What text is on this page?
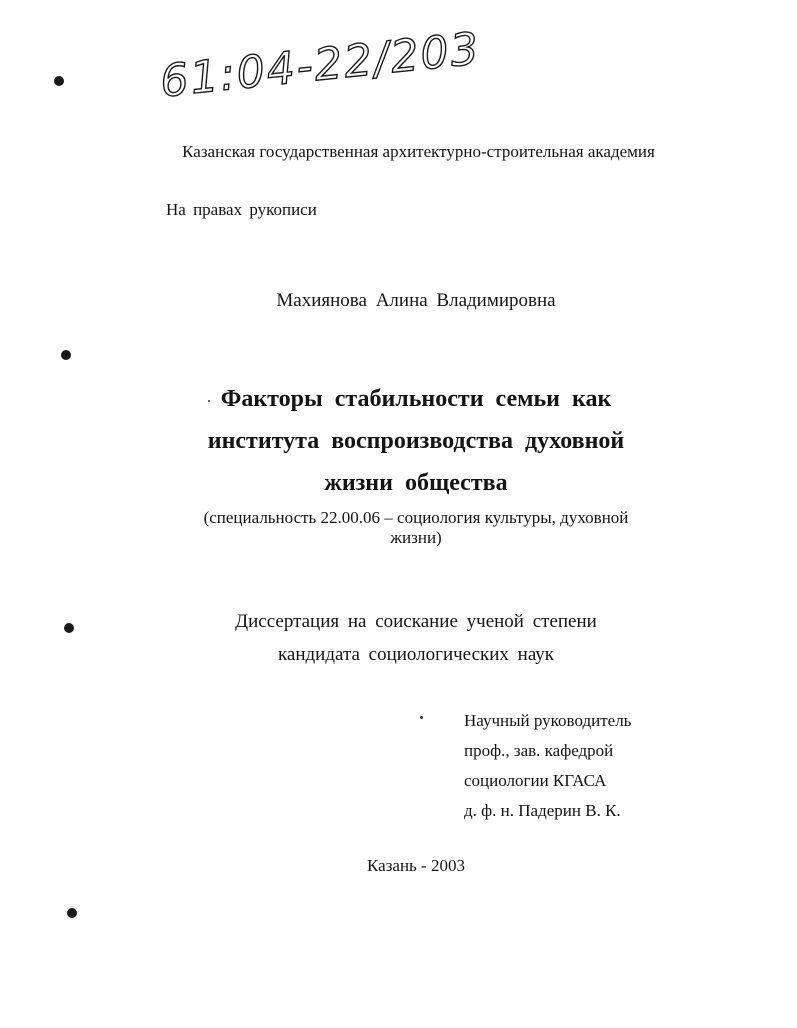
61:04-22/203
Казанская государственная архитектурно-строительная академия
На правах рукописи
Махиянова Алина Владимировна
Факторы стабильности семьи как
института воспроизводства духовной
жизни общества
(специальность 22.00.06 – социология культуры, духовной
жизни)
Диссертация на соискание ученой степени
кандидата социологических наук
Научный руководитель
проф., зав. кафедрой
социологии КГАСА
д. ф. н. Падерин В. К.
Казань - 2003
